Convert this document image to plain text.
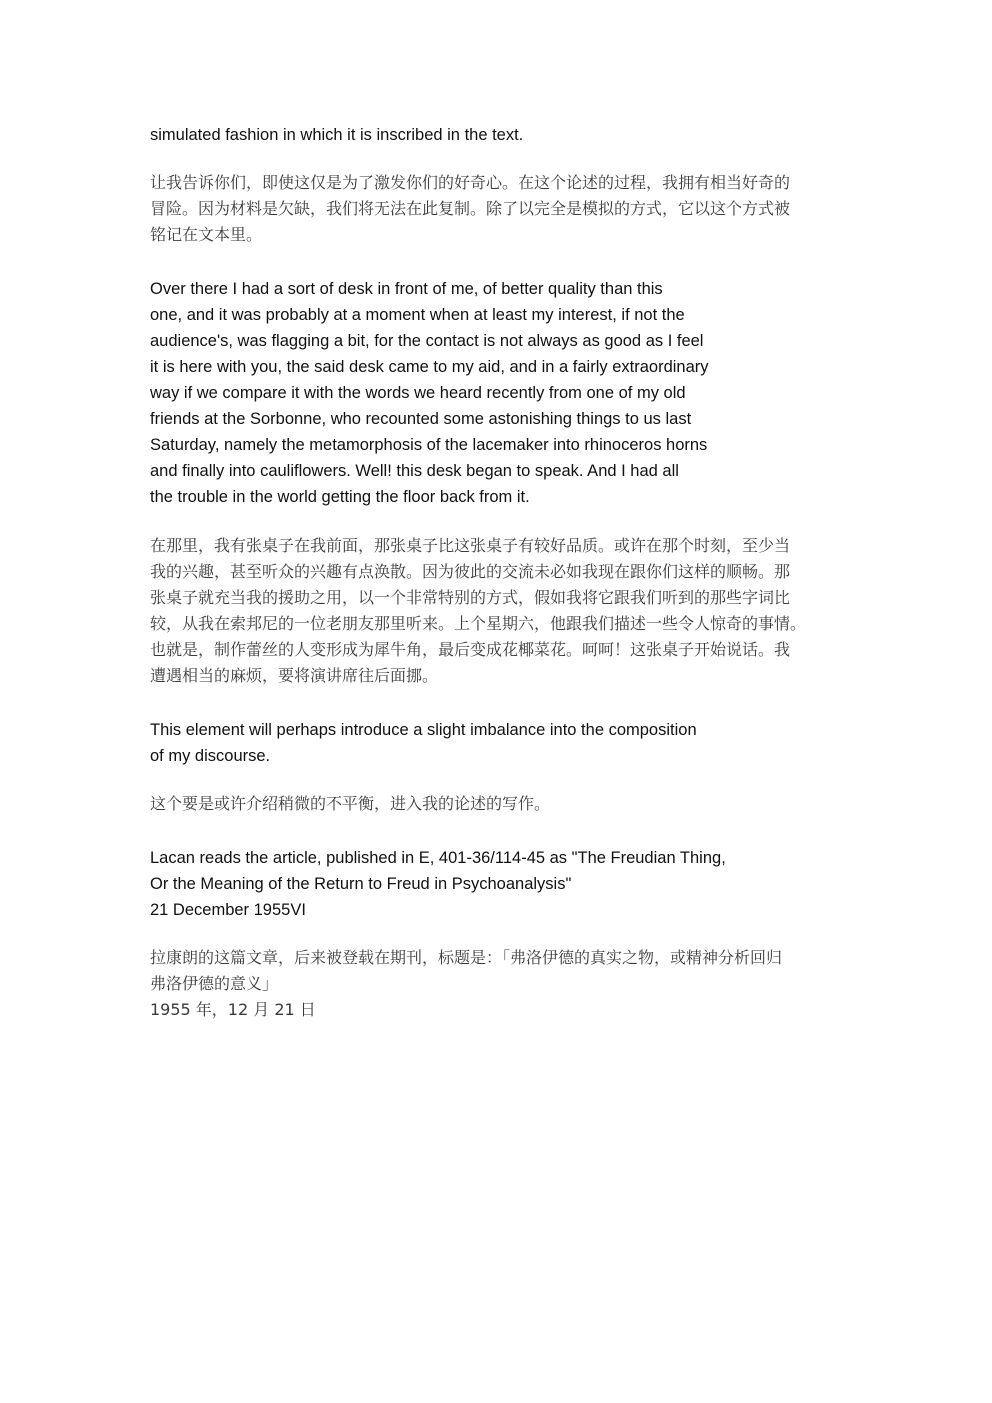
simulated fashion in which it is inscribed in the text.

让我告诉你们，即使这仅是为了激发你们的好奇心。在这个论述的过程，我拥有相当好奇的
冒险。因为材料是欠缺，我们将无法在此复制。除了以完全是模拟的方式，它以这个方式被
铭记在文本里。

Over there I had a sort of desk in front of me, of better quality than this
one, and it was probably at a moment when at least my interest, if not the
audience's, was flagging a bit, for the contact is not always as good as I feel
it is here with you, the said desk came to my aid, and in a fairly extraordinary
way if we compare it with the words we heard recently from one of my old
friends at the Sorbonne, who recounted some astonishing things to us last
Saturday, namely the metamorphosis of the lacemaker into rhinoceros horns
and finally into cauliflowers. Well! this desk began to speak. And I had all
the trouble in the world getting the floor back from it.

在那里，我有张桌子在我前面，那张桌子比这张桌子有较好品质。或许在那个时刻，至少当
我的兴趣，甚至听众的兴趣有点涣散。因为彼此的交流未必如我现在跟你们这样的顺畅。那
张桌子就充当我的援助之用，以一个非常特别的方式，假如我将它跟我们听到的那些字词比
较，从我在索邦尼的一位老朋友那里听来。上个星期六，他跟我们描述一些令人惊奇的事情。
也就是，制作蕾丝的人变形成为犀牛角，最后变成花椰菜花。呵呵！这张桌子开始说话。我
遭遇相当的麻烦，要将演讲席往后面挪。

This element will perhaps introduce a slight imbalance into the composition
of my discourse.

这个要是或许介绍稍微的不平衡，进入我的论述的写作。

Lacan reads the article, published in E, 401-36/114-45 as "The Freudian Thing,
Or the Meaning of the Return to Freud in Psychoanalysis"
21 December 1955VI

拉康朗的这篇文章，后来被登载在期刊，标题是：「弗洛伊德的真实之物，或精神分析回归
弗洛伊德的意义」
1955 年，12 月 21 日
